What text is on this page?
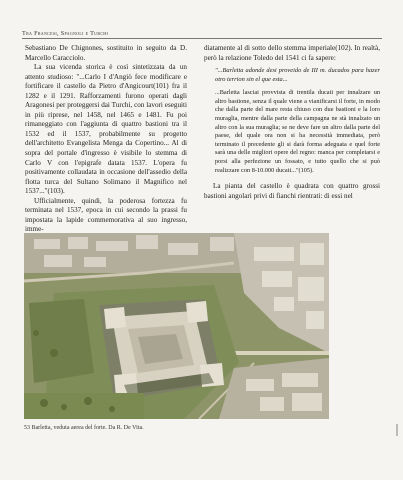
Tra Francesi, Spagnoli e Turchi

Sebastiano De Chignones, sostituito in seguito da D. Marcello Caracciolo.

La sua vicenda storica è così sintetizzata da un attento studioso: "...Carlo I d'Angiò fece modificare e fortificare il castello da Pietro d'Angicourt(101) fra il 1282 e il 1291. Rafforzamenti furono operati dagli Aragonesi per proteggersi dai Turchi, con lavori eseguiti in più riprese, nel 1458, nel 1465 e 1481. Fu poi rimaneggiato con l'aggiunta di quattro bastioni tra il 1532 ed il 1537, probabilmente su progetto dell'architetto Evangelista Menga da Copertino... Al di sopra del portale d'ingresso è visibile lo stemma di Carlo V con l'epigrafe datata 1537. L'opera fu positivamente collaudata in occasione dell'assedio della flotta turca del Sultano Solimano il Magnifico nel 1537..."(103).

Ufficialmente, quindi, la poderosa fortezza fu terminata nel 1537, epoca in cui secondo la prassi fu impostata la lapide commemorativa al suo ingresso, imme-

diatamente al di sotto dello stemma imperiale(102). In realtà, però la relazione Toledo del 1541 ci fa sapere:

"...Barletta adonde desi proveido de III m. ducados para hazer otro terrion sin el que esta...

...Barletta lasciai provvista di trentila ducati per innalzare un altro bastione, senza il quale viene a vianificarsi il forte, in modo che dalla parte del mare resta chiuso con due bastioni e la loro muraglia, mentre dalla parte della campagna ne stà innalzato un altro con la sua muraglia; se ne deve fare un altro dalla parte del paese, del quale ora non si ha necessità immediata, però terminato il precedente gli si darà forma adeguata e quel forte sarà una delle migliori opere del regno: manca per completarsi e porsi alla perfezione un fossato, e tutto quello che si può realizzare con 8-10.000 ducati..."(105).

La pianta del castello è quadrata con quattro grossi bastioni angolari privi di fianchi rientrati: di essi nel

53 Barletta, veduta aerea del forte. Da R. De Vita.
